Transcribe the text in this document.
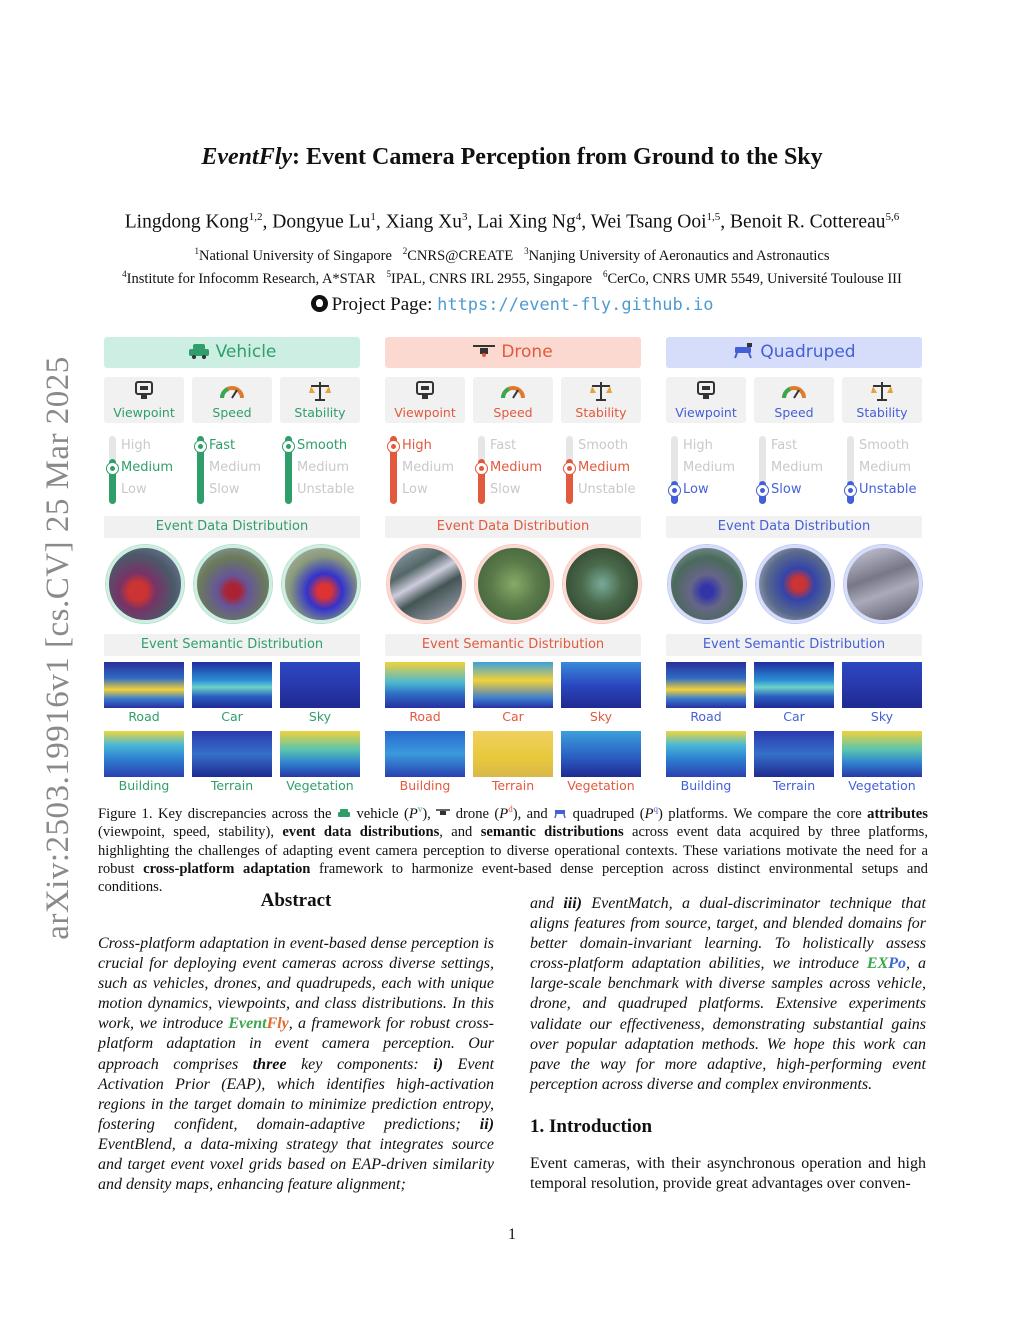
arXiv:2503.19916v1 [cs.CV] 25 Mar 2025
EventFly: Event Camera Perception from Ground to the Sky
Lingdong Kong$^{1,2}$, Dongyue Lu$^1$, Xiang Xu$^3$, Lai Xing Ng$^4$, Wei Tsang Ooi$^{1,5}$, Benoit R. Cottereau$^{5,6}$
$^1$National University of Singapore $^2$CNRS@CREATE $^3$Nanjing University of Aeronautics and Astronautics
$^4$Institute for Infocomm Research, A*STAR $^5$IPAL, CNRS IRL 2955, Singapore $^6$CerCo, CNRS UMR 5549, Université Toulouse III
Project Page: https://event-fly.github.io
Vehicle
Viewpoint
High
Medium
Low
Speed
Fast
Medium
Slow
Stability
Smooth
Medium
Unstable
Event Data Distribution
Event Semantic Distribution
Road	Car	Sky
Building	Terrain	Vegetation
Drone
Viewpoint
High
Medium
Low
Speed
Fast
Medium
Slow
Stability
Smooth
Medium
Unstable
Event Data Distribution
Event Semantic Distribution
Road	Car	Sky
Building	Terrain	Vegetation
Quadruped
Viewpoint
High
Medium
Low
Speed
Fast
Medium
Slow
Stability
Smooth
Medium
Unstable
Event Data Distribution
Event Semantic Distribution
Road	Car	Sky
Building	Terrain	Vegetation
Figure 1. Key discrepancies across the vehicle $(P^v)$,  drone $(P^d)$, and  quadruped $(P^q)$ platforms. We compare the core attributes (viewpoint, speed, stability), event data distributions, and semantic distributions across event data acquired by three platforms, highlighting the challenges of adapting event camera perception to diverse operational contexts. These variations motivate the need for a robust cross-platform adaptation framework to harmonize event-based dense perception across distinct environmental setups and conditions.
Abstract
Cross-platform adaptation in event-based dense perception is crucial for deploying event cameras across diverse settings, such as vehicles, drones, and quadrupeds, each with unique motion dynamics, viewpoints, and class distributions. In this work, we introduce EventFly, a framework for robust cross-platform adaptation in event camera perception. Our approach comprises three key components: i) Event Activation Prior (EAP), which identifies high-activation regions in the target domain to minimize prediction entropy, fostering confident, domain-adaptive predictions; ii) EventBlend, a data-mixing strategy that integrates source and target event voxel grids based on EAP-driven similarity and density maps, enhancing feature alignment;
and iii) EventMatch, a dual-discriminator technique that aligns features from source, target, and blended domains for better domain-invariant learning. To holistically assess cross-platform adaptation abilities, we introduce EXPo, a large-scale benchmark with diverse samples across vehicle, drone, and quadruped platforms. Extensive experiments validate our effectiveness, demonstrating substantial gains over popular adaptation methods. We hope this work can pave the way for more adaptive, high-performing event perception across diverse and complex environments.
1. Introduction
Event cameras, with their asynchronous operation and high temporal resolution, provide great advantages over conven-
1
